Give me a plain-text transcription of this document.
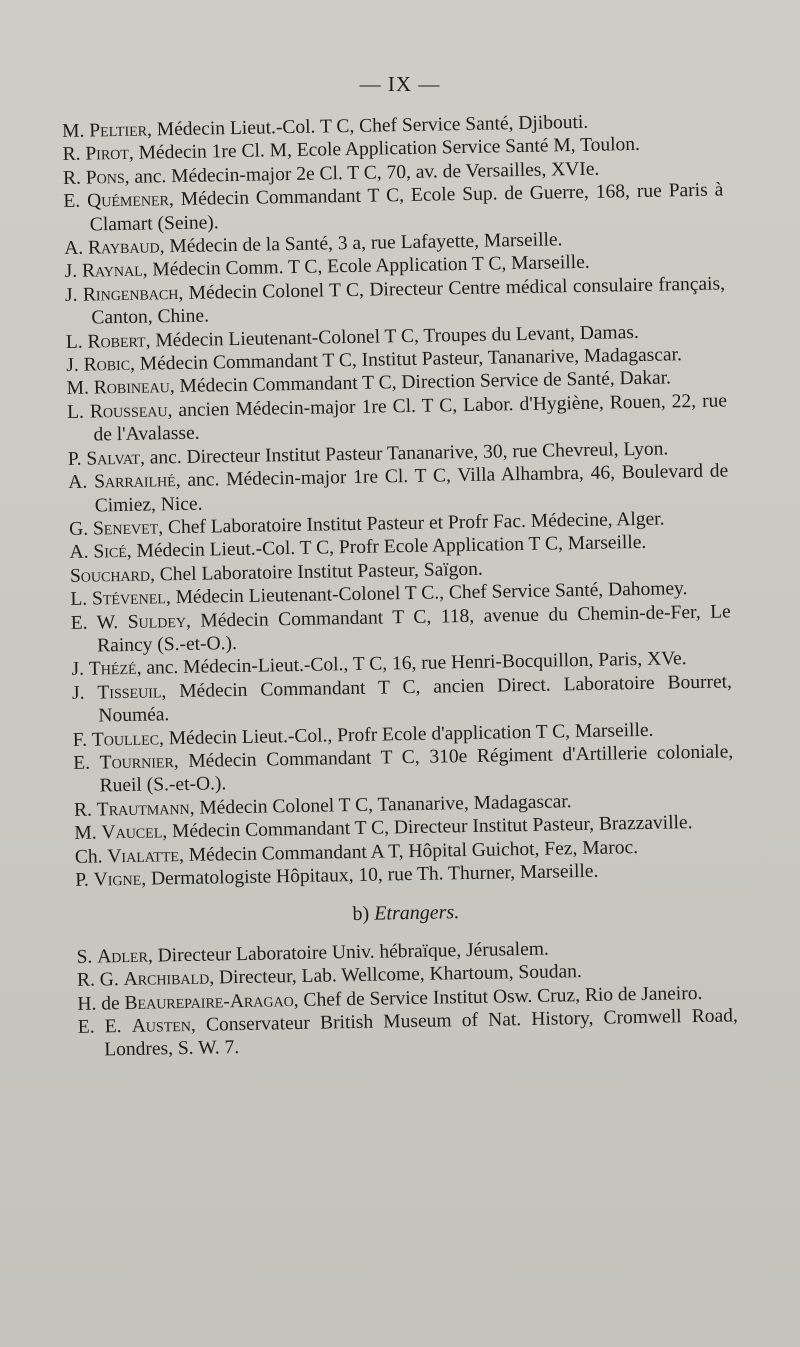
— IX —
M. Peltier, Médecin Lieut.-Col. T C, Chef Service Santé, Djibouti.
R. Pirot, Médecin 1re Cl. M, Ecole Application Service Santé M, Toulon.
R. Pons, anc. Médecin-major 2e Cl. T C, 70, av. de Versailles, XVIe.
E. Quémener, Médecin Commandant T C, Ecole Sup. de Guerre, 168, rue Paris à Clamart (Seine).
A. Raybaud, Médecin de la Santé, 3 a, rue Lafayette, Marseille.
J. Raynal, Médecin Comm. T C, Ecole Application T C, Marseille.
J. Ringenbach, Médecin Colonel T C, Directeur Centre médical consulaire français, Canton, Chine.
L. Robert, Médecin Lieutenant-Colonel T C, Troupes du Levant, Damas.
J. Robic, Médecin Commandant T C, Institut Pasteur, Tananarive, Madagascar.
M. Robineau, Médecin Commandant T C, Direction Service de Santé, Dakar.
L. Rousseau, ancien Médecin-major 1re Cl. T C, Labor. d'Hygiène, Rouen, 22, rue de l'Avalasse.
P. Salvat, anc. Directeur Institut Pasteur Tananarive, 30, rue Chevreul, Lyon.
A. Sarrailhé, anc. Médecin-major 1re Cl. T C, Villa Alhambra, 46, Boulevard de Cimiez, Nice.
G. Senevet, Chef Laboratoire Institut Pasteur et Profr Fac. Médecine, Alger.
A. Sicé, Médecin Lieut.-Col. T C, Profr Ecole Application T C, Marseille.
Souchard, Chel Laboratoire Institut Pasteur, Saïgon.
L. Stévenel, Médecin Lieutenant-Colonel T C., Chef Service Santé, Dahomey.
E. W. Suldey, Médecin Commandant T C, 118, avenue du Chemin-de-Fer, Le Raincy (S.-et-O.).
J. Thézé, anc. Médecin-Lieut.-Col., T C, 16, rue Henri-Bocquillon, Paris, XVe.
J. Tisseuil, Médecin Commandant T C, ancien Direct. Laboratoire Bourret, Nouméa.
F. Toullec, Médecin Lieut.-Col., Profr Ecole d'application T C, Marseille.
E. Tournier, Médecin Commandant T C, 310e Régiment d'Artillerie coloniale, Rueil (S.-et-O.).
R. Trautmann, Médecin Colonel T C, Tananarive, Madagascar.
M. Vaucel, Médecin Commandant T C, Directeur Institut Pasteur, Brazzaville.
Ch. Vialatte, Médecin Commandant A T, Hôpital Guichot, Fez, Maroc.
P. Vigne, Dermatologiste Hôpitaux, 10, rue Th. Thurner, Marseille.
b) Etrangers.
S. Adler, Directeur Laboratoire Univ. hébraïque, Jérusalem.
R. G. Archibald, Directeur, Lab. Wellcome, Khartoum, Soudan.
H. de Beaurepaire-Aragao, Chef de Service Institut Osw. Cruz, Rio de Janeiro.
E. E. Austen, Conservateur British Museum of Nat. History, Cromwell Road, Londres, S. W. 7.
